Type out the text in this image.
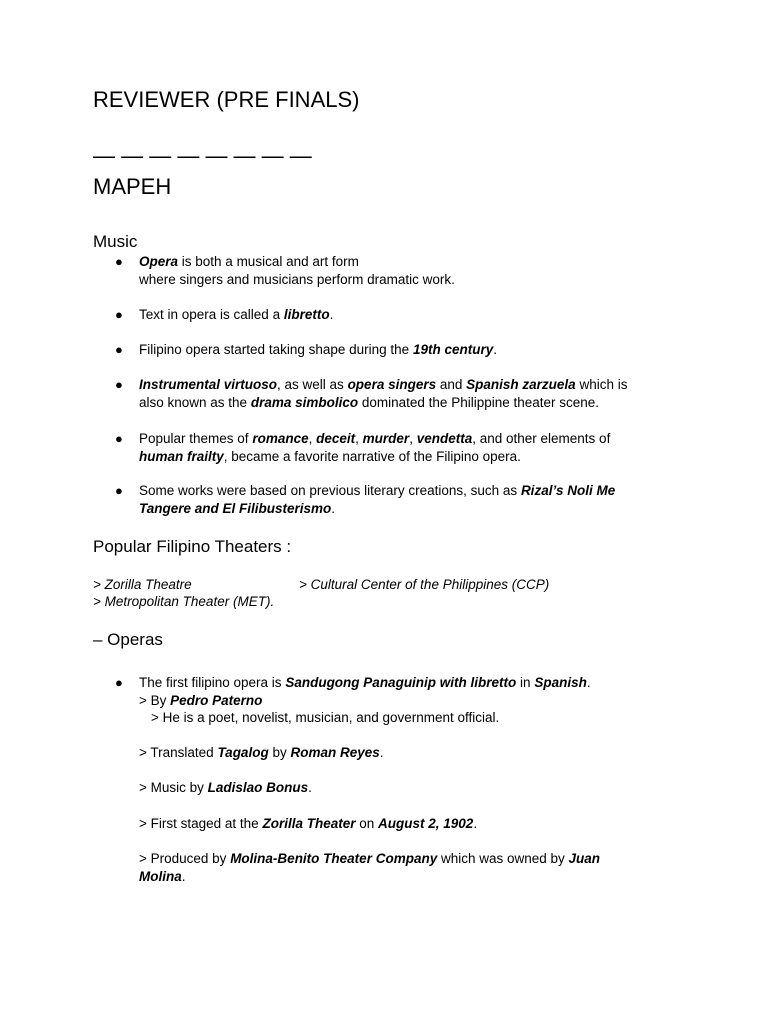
REVIEWER (PRE FINALS)
— — — — — — — —
MAPEH
Music
● Opera is both a musical and art form
where singers and musicians perform dramatic work.
● Text in opera is called a libretto.
● Filipino opera started taking shape during the 19th century.
● Instrumental virtuoso, as well as opera singers and Spanish zarzuela which is
also known as the drama simbolico dominated the Philippine theater scene.
● Popular themes of romance, deceit, murder, vendetta, and other elements of
human frailty, became a favorite narrative of the Filipino opera.
● Some works were based on previous literary creations, such as Rizal’s Noli Me
Tangere and El Filibusterismo.
Popular Filipino Theaters :
> Zorilla Theatre	> Cultural Center of the Philippines (CCP)
> Metropolitan Theater (MET).
– Operas
● The first filipino opera is Sandugong Panaguinip with libretto in Spanish.
> By Pedro Paterno
> He is a poet, novelist, musician, and government official.
> Translated Tagalog by Roman Reyes.
> Music by Ladislao Bonus.
> First staged at the Zorilla Theater on August 2, 1902.
> Produced by Molina-Benito Theater Company which was owned by Juan
Molina.
